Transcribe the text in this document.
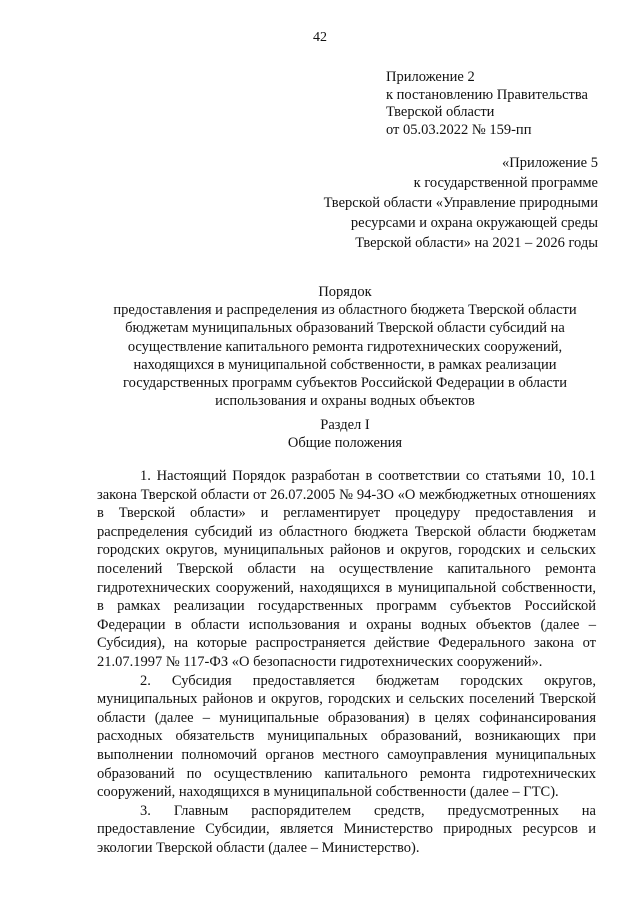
42
Приложение 2
к постановлению Правительства
Тверской области
от 05.03.2022 № 159-пп
«Приложение 5
к государственной программе
Тверской области «Управление природными
ресурсами и охрана окружающей среды
Тверской области» на 2021 – 2026 годы
Порядок
предоставления и распределения из областного бюджета Тверской области
бюджетам муниципальных образований Тверской области субсидий на
осуществление капитального ремонта гидротехнических сооружений,
находящихся в муниципальной собственности, в рамках реализации
государственных программ субъектов Российской Федерации в области
использования и охраны водных объектов
Раздел I
Общие положения

1. Настоящий Порядок разработан в соответствии со статьями 10, 10.1 закона Тверской области от 26.07.2005 № 94-ЗО «О межбюджетных отношениях в Тверской области» и регламентирует процедуру предоставления и распределения субсидий из областного бюджета Тверской области бюджетам городских округов, муниципальных районов и округов, городских и сельских поселений Тверской области на осуществление капитального ремонта гидротехнических сооружений, находящихся в муниципальной собственности, в рамках реализации государственных программ субъектов Российской Федерации в области использования и охраны водных объектов (далее – Субсидия), на которые распространяется действие Федерального закона от 21.07.1997 № 117-ФЗ «О безопасности гидротехнических сооружений».

2. Субсидия предоставляется бюджетам городских округов, муниципальных районов и округов, городских и сельских поселений Тверской области (далее – муниципальные образования) в целях софинансирования расходных обязательств муниципальных образований, возникающих при выполнении полномочий органов местного самоуправления муниципальных образований по осуществлению капитального ремонта гидротехнических сооружений, находящихся в муниципальной собственности (далее – ГТС).

3. Главным распорядителем средств, предусмотренных на предоставление Субсидии, является Министерство природных ресурсов и экологии Тверской области (далее – Министерство).
